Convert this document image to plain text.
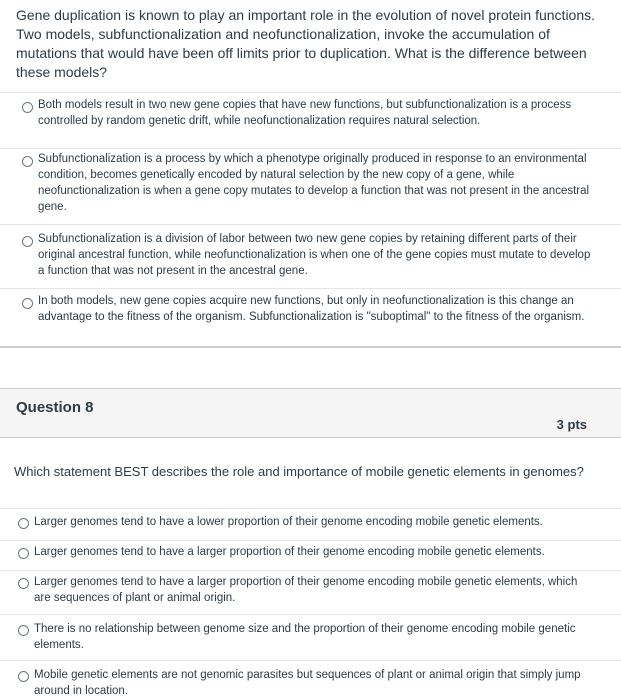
Gene duplication is known to play an important role in the evolution of novel protein functions. Two models, subfunctionalization and neofunctionalization, invoke the accumulation of mutations that would have been off limits prior to duplication. What is the difference between these models?
Both models result in two new gene copies that have new functions, but subfunctionalization is a process controlled by random genetic drift, while neofunctionalization requires natural selection.
Subfunctionalization is a process by which a phenotype originally produced in response to an environmental condition, becomes genetically encoded by natural selection by the new copy of a gene, while neofunctionalization is when a gene copy mutates to develop a function that was not present in the ancestral gene.
Subfunctionalization is a division of labor between two new gene copies by retaining different parts of their original ancestral function, while neofunctionalization is when one of the gene copies must mutate to develop a function that was not present in the ancestral gene.
In both models, new gene copies acquire new functions, but only in neofunctionalization is this change an advantage to the fitness of the organism. Subfunctionalization is "suboptimal" to the fitness of the organism.
Question 8
3 pts
Which statement BEST describes the role and importance of mobile genetic elements in genomes?
Larger genomes tend to have a lower proportion of their genome encoding mobile genetic elements.
Larger genomes tend to have a larger proportion of their genome encoding mobile genetic elements.
Larger genomes tend to have a larger proportion of their genome encoding mobile genetic elements, which are sequences of plant or animal origin.
There is no relationship between genome size and the proportion of their genome encoding mobile genetic elements.
Mobile genetic elements are not genomic parasites but sequences of plant or animal origin that simply jump around in location.
